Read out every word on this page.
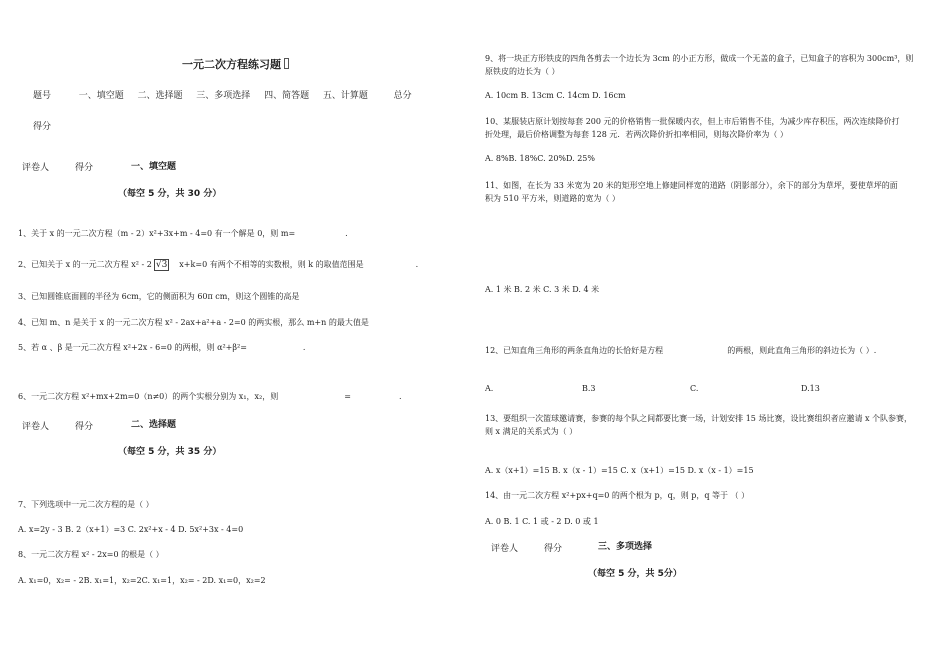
一元二次方程练习题
题号	一、填空题 二、选择题 三、多项选择 四、简答题 五、计算题	总分
得分
评卷人	得分	一、填空题
（每空 5 分，共 30 分）
1、关于 x 的一元二次方程（m - 2）x²+3x+m - 4=0 有一个解是 0，则 m=	.
2、已知关于 x 的一元二次方程 x² - 2 √3 x+k=0 有两个不相等的实数根，则 k 的取值范围是	.
3、已知圆锥底面圆的半径为 6cm，它的侧面积为 60π cm，则这个圆锥的高是
4、已知 m、n 是关于 x 的一元二次方程 x² - 2ax+a²+a - 2=0 的两实根，那么 m+n 的最大值是
5、若 α 、β 是一元二次方程 x²+2x - 6=0 的两根，则 α²+β²=	.
6、一元二次方程 x²+mx+2m=0（n≠0）的两个实根分别为 x₁，x₂，则	=	.
评卷人	得分	二、选择题
（每空 5 分，共 35 分）
7、下列选项中一元二次方程的是（ ）
A. x=2y - 3 B. 2（x+1）=3 C. 2x²+x - 4 D. 5x²+3x - 4=0
8、一元二次方程 x² - 2x=0 的根是（ ）
A. x₁=0，x₂= - 2B. x₁=1，x₂=2C. x₁=1，x₂= - 2D. x₁=0，x₂=2
9、将一块正方形铁皮的四角各剪去一个边长为 3cm 的小正方形，做成一个无盖的盒子，已知盒子的容积为 300cm³，则
原铁皮的边长为（ ）
A. 10cm B. 13cm C. 14cm D. 16cm
10、某服装店原计划按每套 200 元的价格销售一批保暖内衣，但上市后销售不佳，为减少库存积压，两次连续降价打
折处理，最后价格调整为每套 128 元．若两次降价折扣率相同，则每次降价率为（ ）
A. 8%B. 18%C. 20%D. 25%
11、如图，在长为 33 米宽为 20 米的矩形空地上修建同样宽的道路（阴影部分），余下的部分为草坪，要使草坪的面
积为 510 平方米，则道路的宽为（ ）
A. 1 米 B. 2 米 C. 3 米 D. 4 米
12、已知直角三角形的两条直角边的长恰好是方程	的两根，则此直角三角形的斜边长为（ ）.
A.	B.3	C.	D.13
13、要组织一次篮球邀请赛，参赛的每个队之间都要比赛一场，计划安排 15 场比赛，设比赛组织者应邀请 x 个队参赛，
则 x 满足的关系式为（ ）
A. x（x+1）=15 B. x（x - 1）=15 C. x（x+1）=15 D. x（x - 1）=15
14、由一元二次方程 x²+px+q=0 的两个根为 p，q，则 p，q 等于 （ ）
A. 0 B. 1 C. 1 或 - 2 D. 0 或 1
评卷人	得分	三、多项选择
（每空 5 分，共 5分）
